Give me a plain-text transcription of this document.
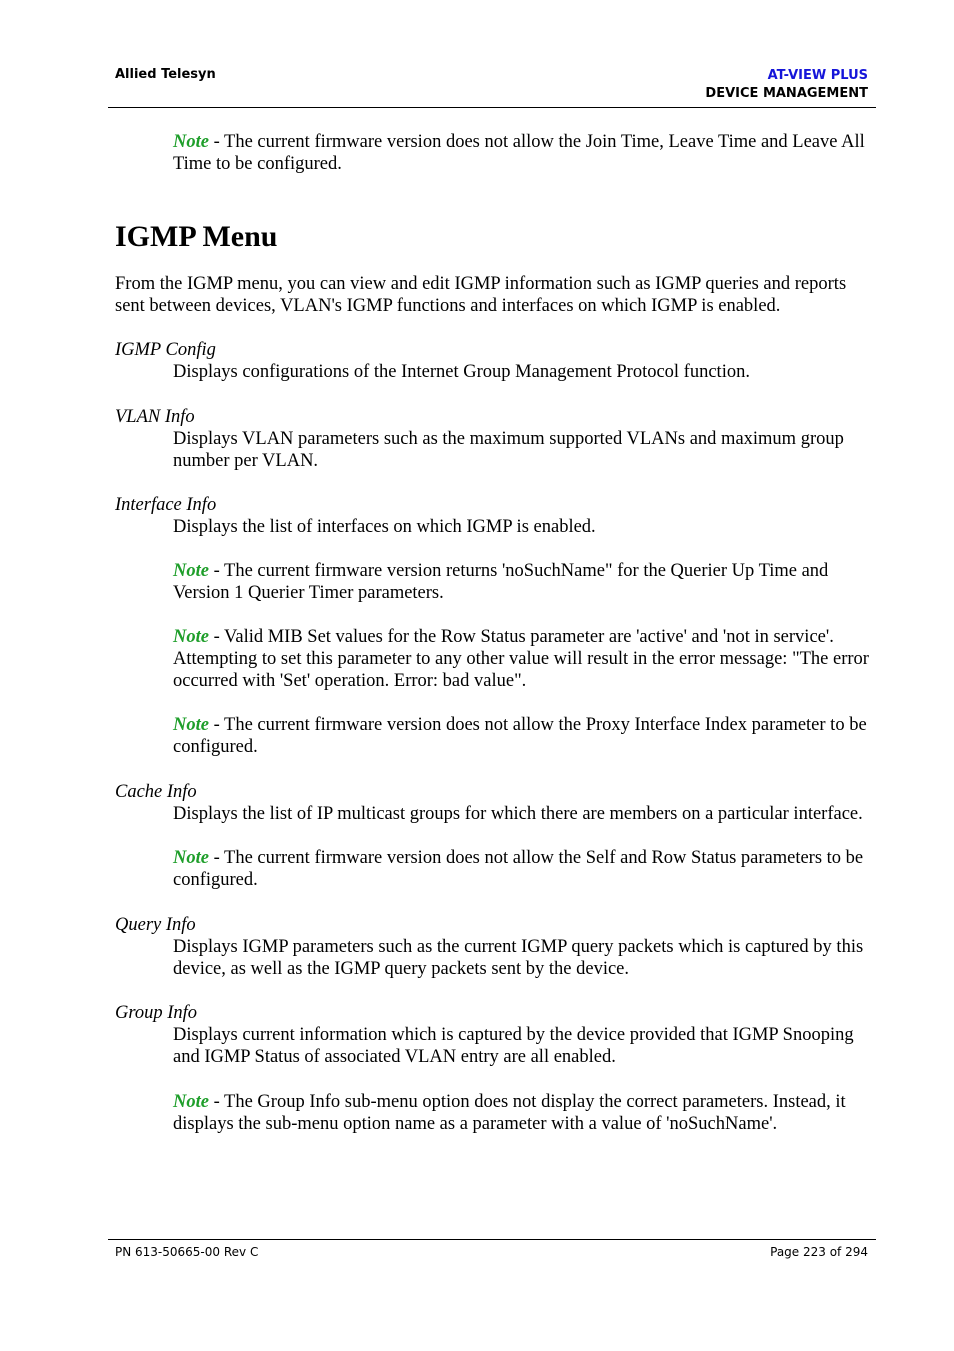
Allied Telesyn	AT-VIEW PLUS
DEVICE MANAGEMENT

Note - The current firmware version does not allow the Join Time, Leave Time and Leave All Time to be configured.

IGMP Menu

From the IGMP menu, you can view and edit IGMP information such as IGMP queries and reports sent between devices, VLAN's IGMP functions and interfaces on which IGMP is enabled.

IGMP Config

Displays configurations of the Internet Group Management Protocol function.

VLAN Info

Displays VLAN parameters such as the maximum supported VLANs and maximum group number per VLAN.

Interface Info

Displays the list of interfaces on which IGMP is enabled.

Note - The current firmware version returns 'noSuchName" for the Querier Up Time and Version 1 Querier Timer parameters.

Note - Valid MIB Set values for the Row Status parameter are 'active' and 'not in service'. Attempting to set this parameter to any other value will result in the error message: "The error occurred with 'Set' operation. Error: bad value".

Note - The current firmware version does not allow the Proxy Interface Index parameter to be configured.

Cache Info

Displays the list of IP multicast groups for which there are members on a particular interface.

Note - The current firmware version does not allow the Self and Row Status parameters to be configured.

Query Info

Displays IGMP parameters such as the current IGMP query packets which is captured by this device, as well as the IGMP query packets sent by the device.

Group Info

Displays current information which is captured by the device provided that IGMP Snooping and IGMP Status of associated VLAN entry are all enabled.

Note - The Group Info sub-menu option does not display the correct parameters. Instead, it displays the sub-menu option name as a parameter with a value of 'noSuchName'.

PN 613-50665-00 Rev C	Page 223 of 294
